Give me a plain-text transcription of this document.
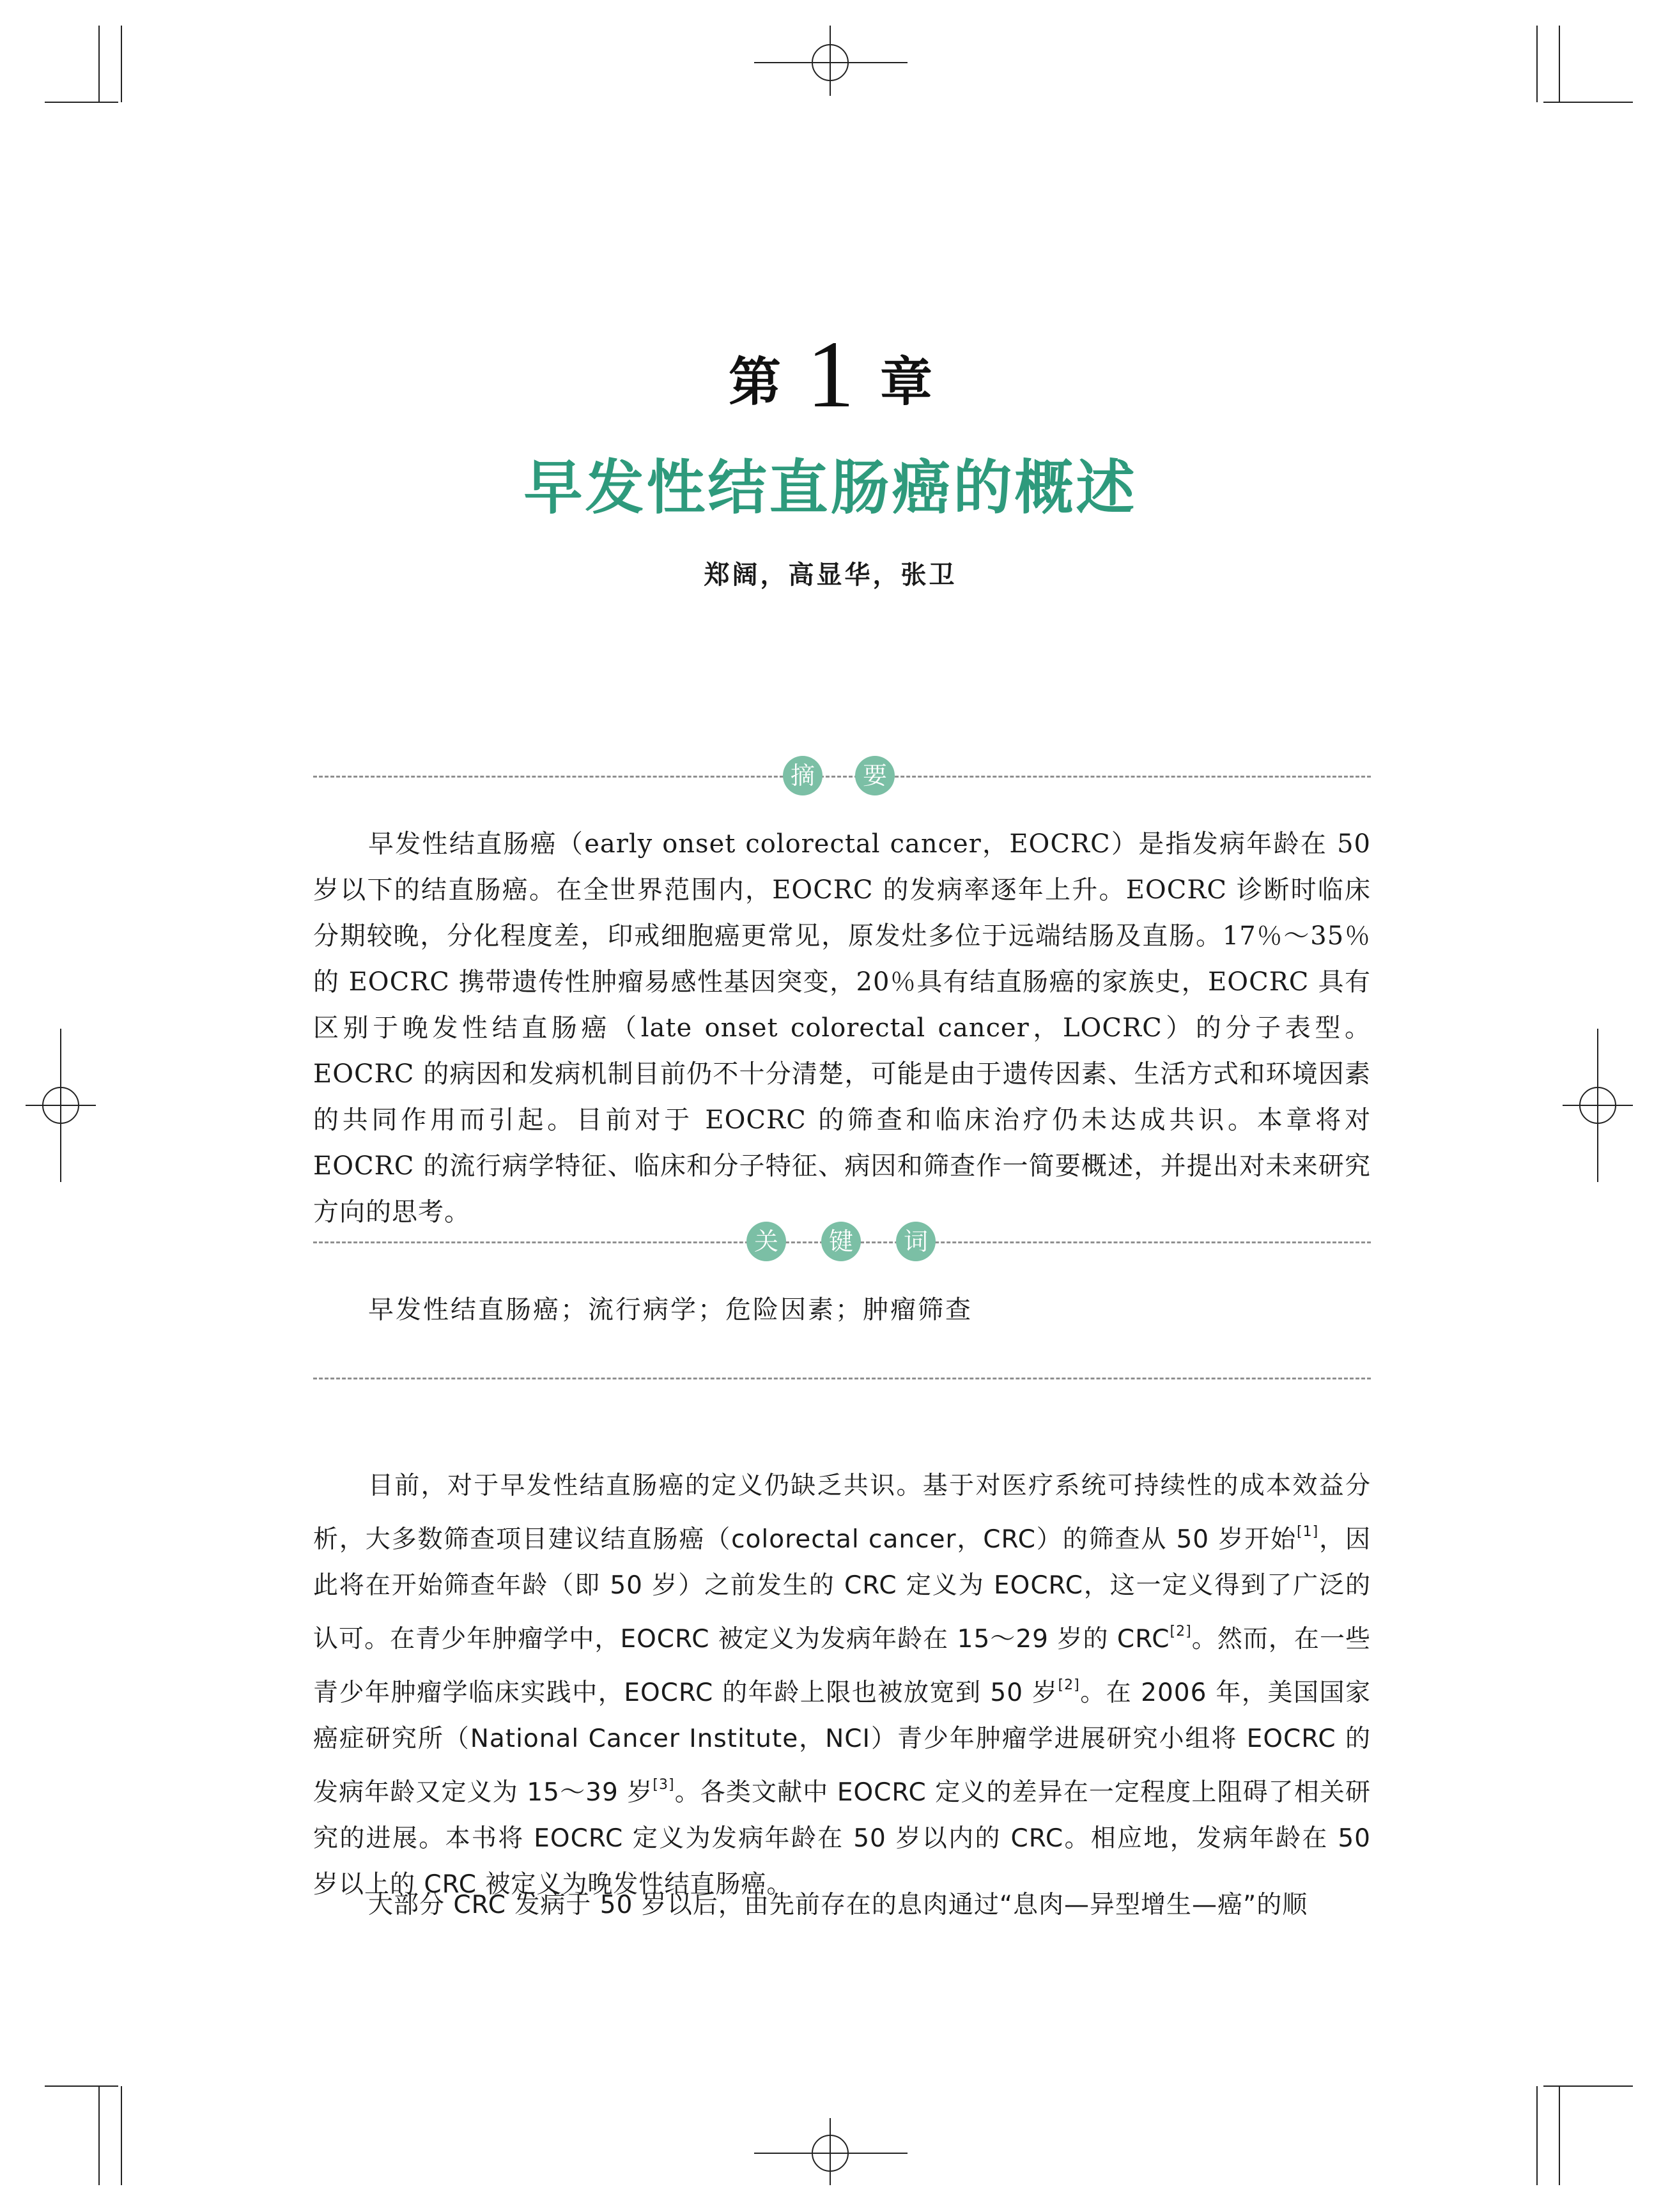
第 1 章
早发性结直肠癌的概述
郑阔，高显华，张卫
摘	要

早发性结直肠癌（early onset colorectal cancer，EOCRC）是指发病年龄在 50 岁以下的结直肠癌。在全世界范围内，EOCRC 的发病率逐年上升。EOCRC 诊断时临床分期较晚，分化程度差，印戒细胞癌更常见，原发灶多位于远端结肠及直肠。17％～35％的 EOCRC 携带遗传性肿瘤易感性基因突变，20％具有结直肠癌的家族史，EOCRC 具有区别于晚发性结直肠癌（late onset colorectal cancer，LOCRC）的分子表型。EOCRC 的病因和发病机制目前仍不十分清楚，可能是由于遗传因素、生活方式和环境因素的共同作用而引起。目前对于 EOCRC 的筛查和临床治疗仍未达成共识。本章将对 EOCRC 的流行病学特征、临床和分子特征、病因和筛查作一简要概述，并提出对未来研究方向的思考。

关	键	词

早发性结直肠癌；流行病学；危险因素；肿瘤筛查

目前，对于早发性结直肠癌的定义仍缺乏共识。基于对医疗系统可持续性的成本效益分析，大多数筛查项目建议结直肠癌（colorectal cancer，CRC）的筛查从 50 岁开始[1]，因此将在开始筛查年龄（即 50 岁）之前发生的 CRC 定义为 EOCRC，这一定义得到了广泛的认可。在青少年肿瘤学中，EOCRC 被定义为发病年龄在 15～29 岁的 CRC[2]。然而，在一些青少年肿瘤学临床实践中，EOCRC 的年龄上限也被放宽到 50 岁[2]。在 2006 年，美国国家癌症研究所（National Cancer Institute，NCI）青少年肿瘤学进展研究小组将 EOCRC 的发病年龄又定义为 15～39 岁[3]。各类文献中 EOCRC 定义的差异在一定程度上阻碍了相关研究的进展。本书将 EOCRC 定义为发病年龄在 50 岁以内的 CRC。相应地，发病年龄在 50 岁以上的 CRC 被定义为晚发性结直肠癌。

大部分 CRC 发病于 50 岁以后，由先前存在的息肉通过“息肉—异型增生—癌”的顺
